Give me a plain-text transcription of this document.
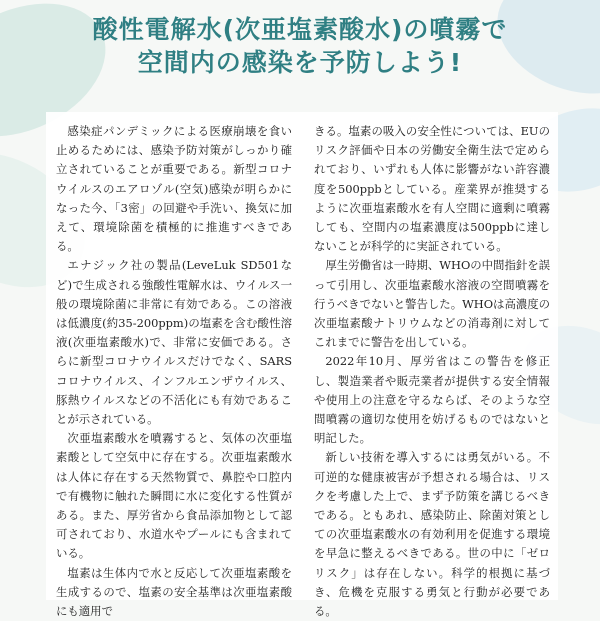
酸性電解水(次亜塩素酸水)の噴霧で
空間内の感染を予防しよう!

感染症パンデミックによる医療崩壊を食い止めるためには、感染予防対策がしっかり確立されていることが重要である。新型コロナウイルスのエアロゾル(空気)感染が明らかになった今、「3密」の回避や手洗い、換気に加えて、環境除菌を積極的に推進すべきである。

エナジック社の製品(LeveLuk SD501など)で生成される強酸性電解水は、ウイルス一般の環境除菌に非常に有効である。この溶液は低濃度(約35-200ppm)の塩素を含む酸性溶液(次亜塩素酸水)で、非常に安価である。さらに新型コロナウイルスだけでなく、SARSコロナウイルス、インフルエンザウイルス、豚熱ウイルスなどの不活化にも有効であることが示されている。

次亜塩素酸水を噴霧すると、気体の次亜塩素酸として空気中に存在する。次亜塩素酸水は人体に存在する天然物質で、鼻腔や口腔内で有機物に触れた瞬間に水に変化する性質がある。また、厚労省から食品添加物として認可されており、水道水やプールにも含まれている。

塩素は生体内で水と反応して次亜塩素酸を生成するので、塩素の安全基準は次亜塩素酸にも適用で

きる。塩素の吸入の安全性については、EUのリスク評価や日本の労働安全衛生法で定められており、いずれも人体に影響がない許容濃度を500ppbとしている。産業界が推奨するように次亜塩素酸水を有人空間に適剰に噴霧しても、空間内の塩素濃度は500ppbに達しないことが科学的に実証されている。

厚生労働省は一時期、WHOの中間指針を誤って引用し、次亜塩素酸水溶液の空間噴霧を行うべきでないと警告した。WHOは高濃度の次亜塩素酸ナトリウムなどの消毒剤に対してこれまでに警告を出している。

2022年10月、厚労省はこの警告を修正し、製造業者や販売業者が提供する安全情報や使用上の注意を守るならば、そのような空間噴霧の適切な使用を妨げるものではないと明記した。

新しい技術を導入するには勇気がいる。不可逆的な健康被害が予想される場合は、リスクを考慮した上で、まず予防策を講じるべきである。ともあれ、感染防止、除菌対策としての次亜塩素酸水の有効利用を促進する環境を早急に整えるべきである。世の中に「ゼロリスク」は存在しない。科学的根拠に基づき、危機を克服する勇気と行動が必要である。
